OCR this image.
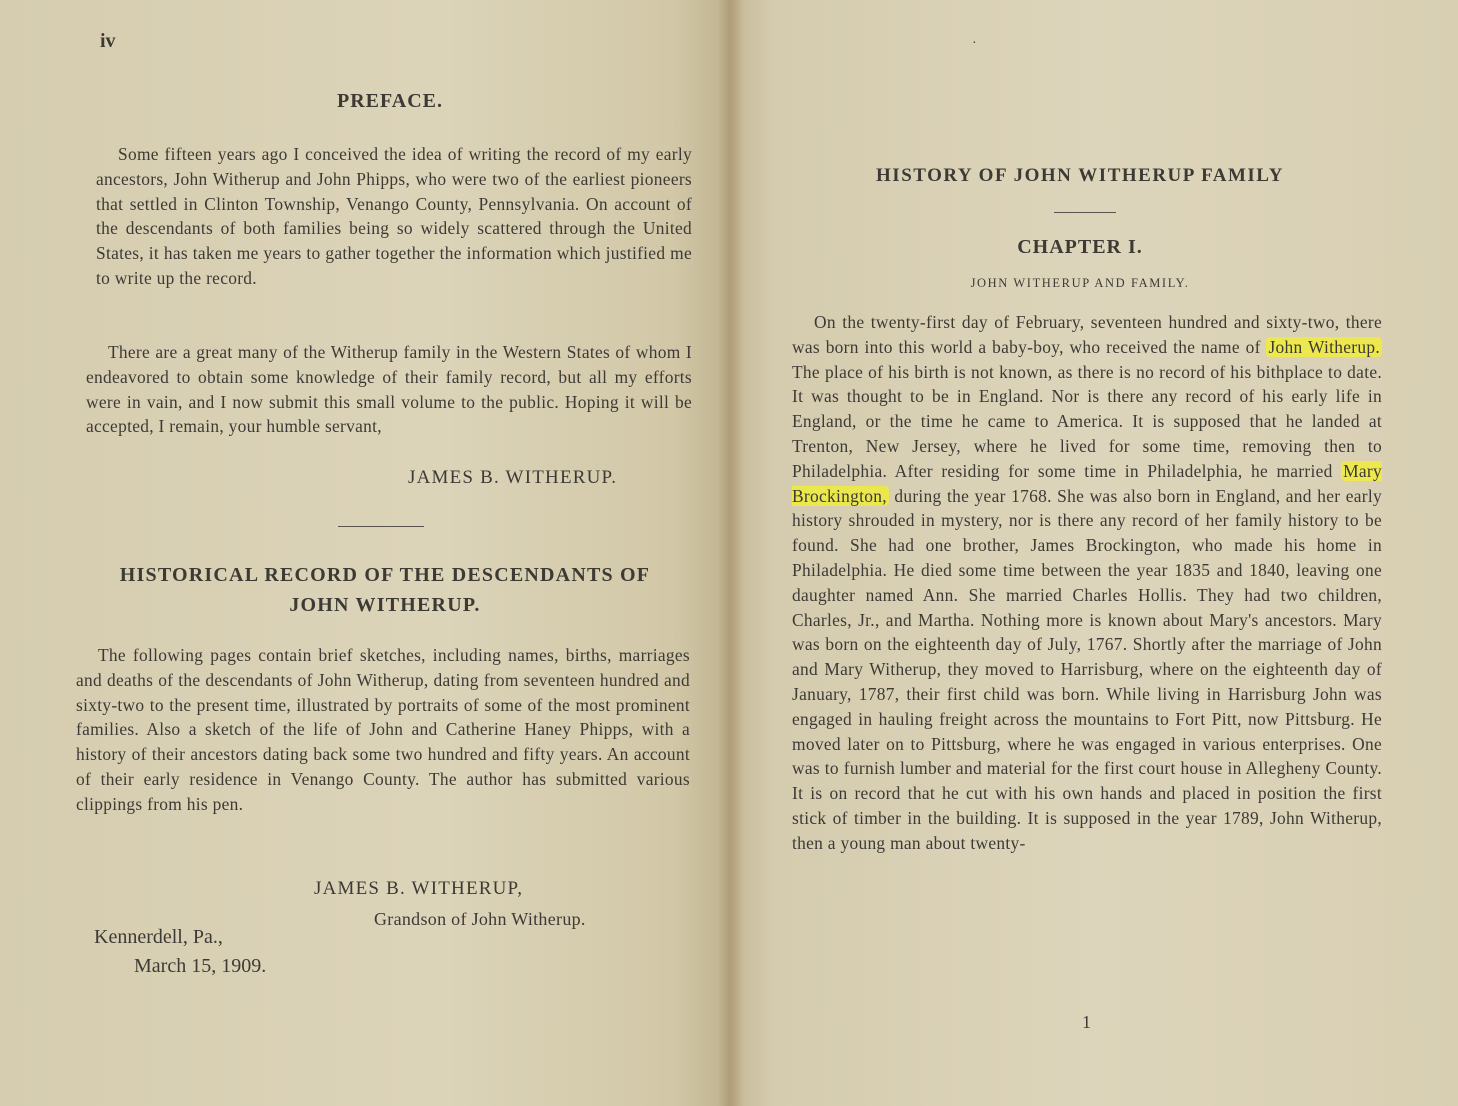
iv

PREFACE.

Some fifteen years ago I conceived the idea of writing the record of my early ancestors, John Witherup and John Phipps, who were two of the earliest pioneers that settled in Clinton Township, Venango County, Pennsylvania. On account of the descendants of both families being so widely scattered through the United States, it has taken me years to gather together the information which justified me to write up the record.

There are a great many of the Witherup family in the Western States of whom I endeavored to obtain some knowledge of their family record, but all my efforts were in vain, and I now submit this small volume to the public. Hoping it will be accepted, I remain, your humble servant,

JAMES B. WITHERUP.

HISTORICAL RECORD OF THE DESCENDANTS OF
JOHN WITHERUP.

The following pages contain brief sketches, including names, births, marriages and deaths of the descendants of John Witherup, dating from seventeen hundred and sixty-two to the present time, illustrated by portraits of some of the most prominent families. Also a sketch of the life of John and Catherine Haney Phipps, with a history of their ancestors dating back some two hundred and fifty years. An account of their early residence in Venango County. The author has submitted various clippings from his pen.

JAMES B. WITHERUP,

Grandson of John Witherup.

Kennerdell, Pa.,

March 15, 1909.

·

HISTORY OF JOHN WITHERUP FAMILY
CHAPTER I.

JOHN WITHERUP AND FAMILY.

On the twenty-first day of February, seventeen hundred and sixty-two, there was born into this world a baby-boy, who received the name of John Witherup. The place of his birth is not known, as there is no record of his bithplace to date. It was thought to be in England. Nor is there any record of his early life in England, or the time he came to America. It is supposed that he landed at Trenton, New Jersey, where he lived for some time, removing then to Philadelphia. After residing for some time in Philadelphia, he married Mary Brockington, during the year 1768. She was also born in England, and her early history shrouded in mystery, nor is there any record of her family history to be found. She had one brother, James Brockington, who made his home in Philadelphia. He died some time between the year 1835 and 1840, leaving one daughter named Ann. She married Charles Hollis. They had two children, Charles, Jr., and Martha. Nothing more is known about Mary's ancestors. Mary was born on the eighteenth day of July, 1767. Shortly after the marriage of John and Mary Witherup, they moved to Harrisburg, where on the eighteenth day of January, 1787, their first child was born. While living in Harrisburg John was engaged in hauling freight across the mountains to Fort Pitt, now Pittsburg. He moved later on to Pittsburg, where he was engaged in various enterprises. One was to furnish lumber and material for the first court house in Allegheny County. It is on record that he cut with his own hands and placed in position the first stick of timber in the building. It is supposed in the year 1789, John Witherup, then a young man about twenty-

1
